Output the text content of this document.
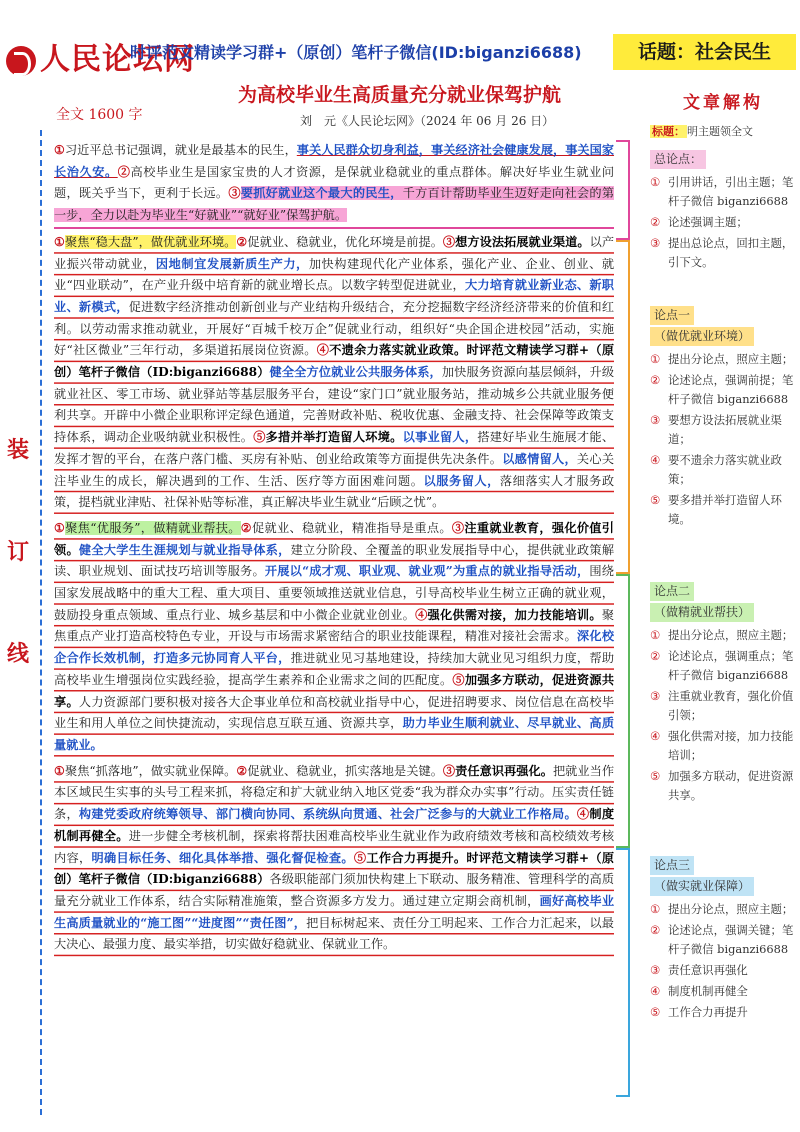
人民论坛网
时评范文精读学习群+（原创）笔杆子微信(ID:biganzi6688)	话题：社会民生
为高校毕业生高质量充分就业保驾护航
刘　元《人民论坛网》（2024 年 06 月 26 日）
全文 1600 字
装
订
线

①习近平总书记强调，就业是最基本的民生，事关人民群众切身利益，事关经济社会健康发展，事关国家长治久安。②高校毕业生是国家宝贵的人才资源，是保就业稳就业的重点群体。解决好毕业生就业问题，既关乎当下，更利于长远。③要抓好就业这个最大的民生，千方百计帮助毕业生迈好走向社会的第一步，全力以赴为毕业生“好就业”“就好业”保驾护航。

①聚焦“稳大盘”，做优就业环境。②促就业、稳就业，优化环境是前提。③想方设法拓展就业渠道。以产业振兴带动就业，因地制宜发展新质生产力，加快构建现代化产业体系，强化产业、企业、创业、就业“四业联动”，在产业升级中培育新的就业增长点。以数字转型促进就业，大力培育就业新业态、新职业、新模式，促进数字经济推动创新创业与产业结构升级结合，充分挖掘数字经济经济带来的价值和红利。以劳动需求推动就业，开展好“百城千校万企”促就业行动，组织好“央企国企进校园”活动，实施好“社区微业”三年行动，多渠道拓展岗位资源。④不遗余力落实就业政策。时评范文精读学习群+（原创）笔杆子微信（ID:biganzi6688）健全全方位就业公共服务体系，加快服务资源向基层倾斜，升级就业社区、零工市场、就业驿站等基层服务平台，建设“家门口”就业服务站，推动城乡公共就业服务便利共享。开辟中小微企业职称评定绿色通道，完善财政补贴、税收优惠、金融支持、社会保障等政策支持体系，调动企业吸纳就业积极性。⑤多措并举打造留人环境。以事业留人，搭建好毕业生施展才能、发挥才智的平台，在落户落门槛、买房有补贴、创业给政策等方面提供先决条件。以感情留人，关心关注毕业生的成长，解决遇到的工作、生活、医疗等方面困难问题。以服务留人，落细落实人才服务政策，提档就业津贴、社保补贴等标准，真正解决毕业生就业“后顾之忧”。

①聚焦“优服务”，做精就业帮扶。②促就业、稳就业，精准指导是重点。③注重就业教育，强化价值引领。健全大学生生涯规划与就业指导体系，建立分阶段、全覆盖的职业发展指导中心，提供就业政策解读、职业规划、面试技巧培训等服务。开展以“成才观、职业观、就业观”为重点的就业指导活动，围绕国家发展战略中的重大工程、重大项目、重要领域推送就业信息，引导高校毕业生树立正确的就业观，鼓励投身重点领域、重点行业、城乡基层和中小微企业就业创业。④强化供需对接，加力技能培训。聚焦重点产业打造高校特色专业，开设与市场需求紧密结合的职业技能课程，精准对接社会需求。深化校企合作长效机制，打造多元协同育人平台，推进就业见习基地建设，持续加大就业见习组织力度，帮助高校毕业生增强岗位实践经验，提高学生素养和企业需求之间的匹配度。⑤加强多方联动，促进资源共享。人力资源部门要积极对接各大企事业单位和高校就业指导中心，促进招聘要求、岗位信息在高校毕业生和用人单位之间快捷流动，实现信息互联互通、资源共享，助力毕业生顺利就业、尽早就业、高质量就业。

①聚焦“抓落地”，做实就业保障。②促就业、稳就业，抓实落地是关键。③责任意识再强化。把就业当作本区域民生实事的头号工程来抓，将稳定和扩大就业纳入地区党委“我为群众办实事”行动。压实责任链条，构建党委政府统筹领导、部门横向协同、系统纵向贯通、社会广泛参与的大就业工作格局。④制度机制再健全。进一步健全考核机制，探索将帮扶困难高校毕业生就业作为政府绩效考核和高校绩效考核内容，明确目标任务、细化具体举措、强化督促检查。⑤工作合力再提升。时评范文精读学习群+（原创）笔杆子微信（ID:biganzi6688）各级职能部门须加快构建上下联动、服务精准、管理科学的高质量充分就业工作体系，结合实际精准施策，整合资源多方发力。通过建立定期会商机制，画好高校毕业生高质量就业的“施工图”“进度图”“责任图”，把目标树起来、责任分工明起来、工作合力汇起来，以最大决心、最强力度、最实举措，切实做好稳就业、保就业工作。

文章解构
标题： 明主题领全文
总论点：
① 引用讲话，引出主题；笔杆子微信 biganzi6688
② 论述强调主题；
③ 提出总论点，回扣主题，引下文。
论点一
（做优就业环境）
① 提出分论点，照应主题；
② 论述论点，强调前提；笔杆子微信 biganzi6688
③ 要想方设法拓展就业渠道；
④ 要不遗余力落实就业政策；
⑤ 要多措并举打造留人环境。
论点二
（做精就业帮扶）
① 提出分论点，照应主题；
② 论述论点，强调重点；笔杆子微信 biganzi6688
③ 注重就业教育，强化价值引领；
④ 强化供需对接，加力技能培训；
⑤ 加强多方联动，促进资源共享。
论点三
（做实就业保障）
① 提出分论点，照应主题；
② 论述论点，强调关键；笔杆子微信 biganzi6688
③ 责任意识再强化
④ 制度机制再健全
⑤ 工作合力再提升
